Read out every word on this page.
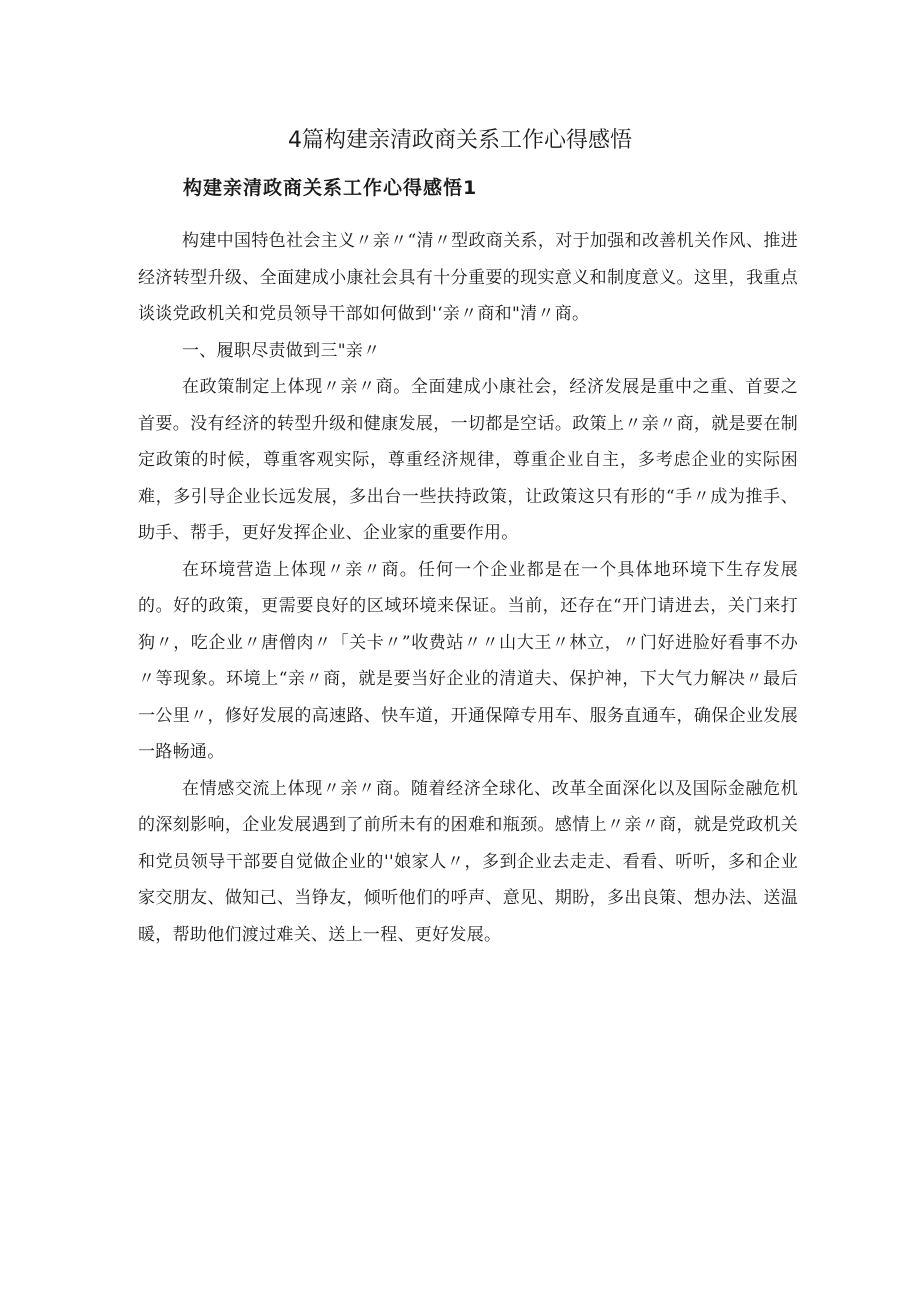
4篇构建亲清政商关系工作心得感悟
构建亲清政商关系工作心得感悟1

构建中国特色社会主义〃亲〃“清〃型政商关系，对于加强和改善机关作风、推进经济转型升级、全面建成小康社会具有十分重要的现实意义和制度意义。这里，我重点谈谈党政机关和党员领导干部如何做到'‘亲〃商和"清〃商。

一、履职尽责做到三"亲〃

在政策制定上体现〃亲〃商。全面建成小康社会，经济发展是重中之重、首要之首要。没有经济的转型升级和健康发展，一切都是空话。政策上〃亲〃商，就是要在制定政策的时候，尊重客观实际，尊重经济规律，尊重企业自主，多考虑企业的实际困难，多引导企业长远发展，多出台一些扶持政策，让政策这只有形的“手〃成为推手、助手、帮手，更好发挥企业、企业家的重要作用。

在环境营造上体现〃亲〃商。任何一个企业都是在一个具体地环境下生存发展的。好的政策，更需要良好的区域环境来保证。当前，还存在“开门请进去，关门来打狗〃，吃企业〃唐僧肉〃「关卡〃”收费站〃〃山大王〃林立，〃门好进脸好看事不办〃等现象。环境上“亲〃商，就是要当好企业的清道夫、保护神，下大气力解决〃最后一公里〃，修好发展的高速路、快车道，开通保障专用车、服务直通车，确保企业发展一路畅通。

在情感交流上体现〃亲〃商。随着经济全球化、改革全面深化以及国际金融危机的深刻影响，企业发展遇到了前所未有的困难和瓶颈。感情上〃亲〃商，就是党政机关和党员领导干部要自觉做企业的''娘家人〃，多到企业去走走、看看、听听，多和企业家交朋友、做知己、当铮友，倾听他们的呼声、意见、期盼，多出良策、想办法、送温暖，帮助他们渡过难关、送上一程、更好发展。
